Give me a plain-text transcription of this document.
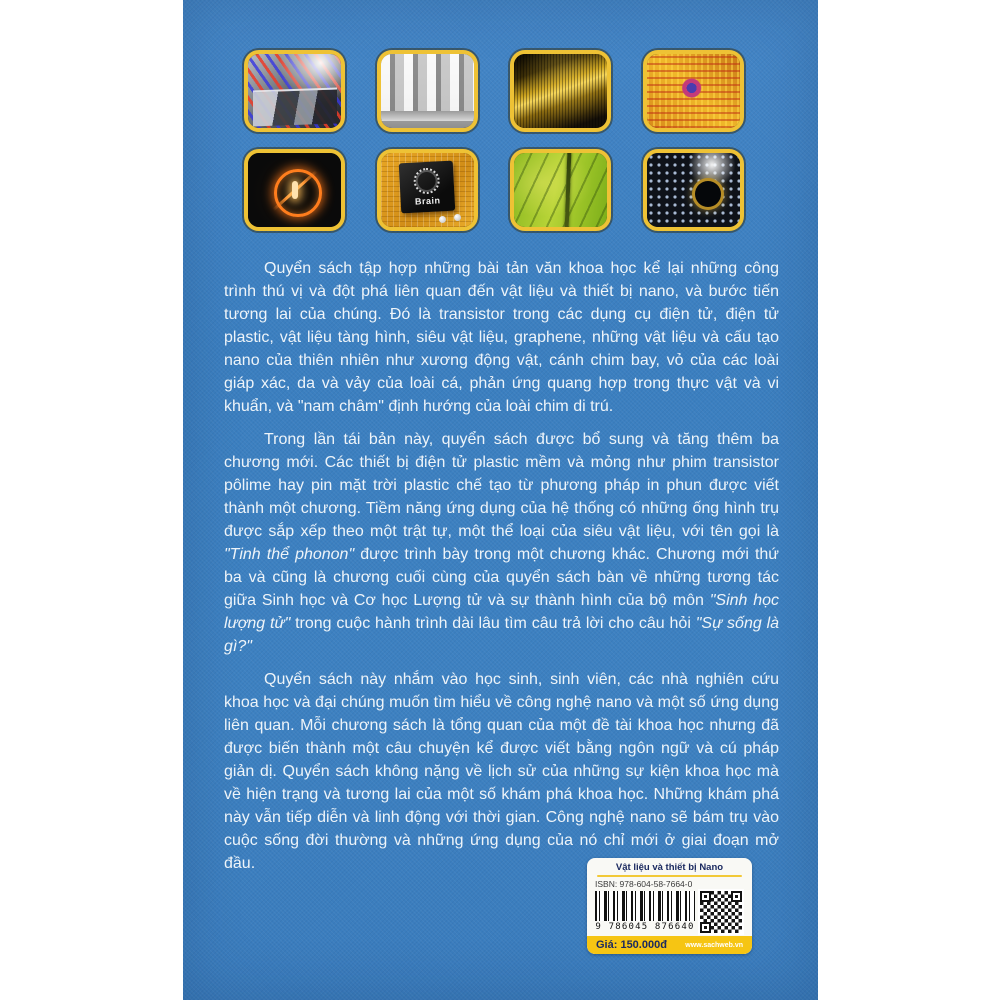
Brain

Quyển sách tập hợp những bài tản văn khoa học kể lại những công trình thú vị và đột phá liên quan đến vật liệu và thiết bị nano, và bước tiến tương lai của chúng. Đó là transistor trong các dụng cụ điện tử, điện tử plastic, vật liệu tàng hình, siêu vật liệu, graphene, những vật liệu và cấu tạo nano của thiên nhiên như xương động vật, cánh chim bay, vỏ của các loài giáp xác, da và vảy của loài cá, phản ứng quang hợp trong thực vật và vi khuẩn, và "nam châm" định hướng của loài chim di trú.

Trong lần tái bản này, quyển sách được bổ sung và tăng thêm ba chương mới. Các thiết bị điện tử plastic mềm và mỏng như phim transistor pôlime hay pin mặt trời plastic chế tạo từ phương pháp in phun được viết thành một chương. Tiềm năng ứng dụng của hệ thống có những ống hình trụ được sắp xếp theo một trật tự, một thể loại của siêu vật liệu, với tên gọi là "Tinh thể phonon" được trình bày trong một chương khác. Chương mới thứ ba và cũng là chương cuối cùng của quyển sách bàn về những tương tác giữa Sinh học và Cơ học Lượng tử và sự thành hình của bộ môn "Sinh học lượng tử" trong cuộc hành trình dài lâu tìm câu trả lời cho câu hỏi "Sự sống là gì?"

Quyển sách này nhắm vào học sinh, sinh viên, các nhà nghiên cứu khoa học và đại chúng muốn tìm hiểu về công nghệ nano và một số ứng dụng liên quan. Mỗi chương sách là tổng quan của một đề tài khoa học nhưng đã được biến thành một câu chuyện kể được viết bằng ngôn ngữ và cú pháp giản dị. Quyển sách không nặng về lịch sử của những sự kiện khoa học mà về hiện trạng và tương lai của một số khám phá khoa học. Những khám phá này vẫn tiếp diễn và linh động với thời gian. Công nghệ nano sẽ bám trụ vào cuộc sống đời thường và những ứng dụng của nó chỉ mới ở giai đoạn mở đầu.	Vật liệu và thiết bị Nano
ISBN: 978-604-58-7664-0
9 786045 876640
Giá: 150.000đ	www.sachweb.vn
